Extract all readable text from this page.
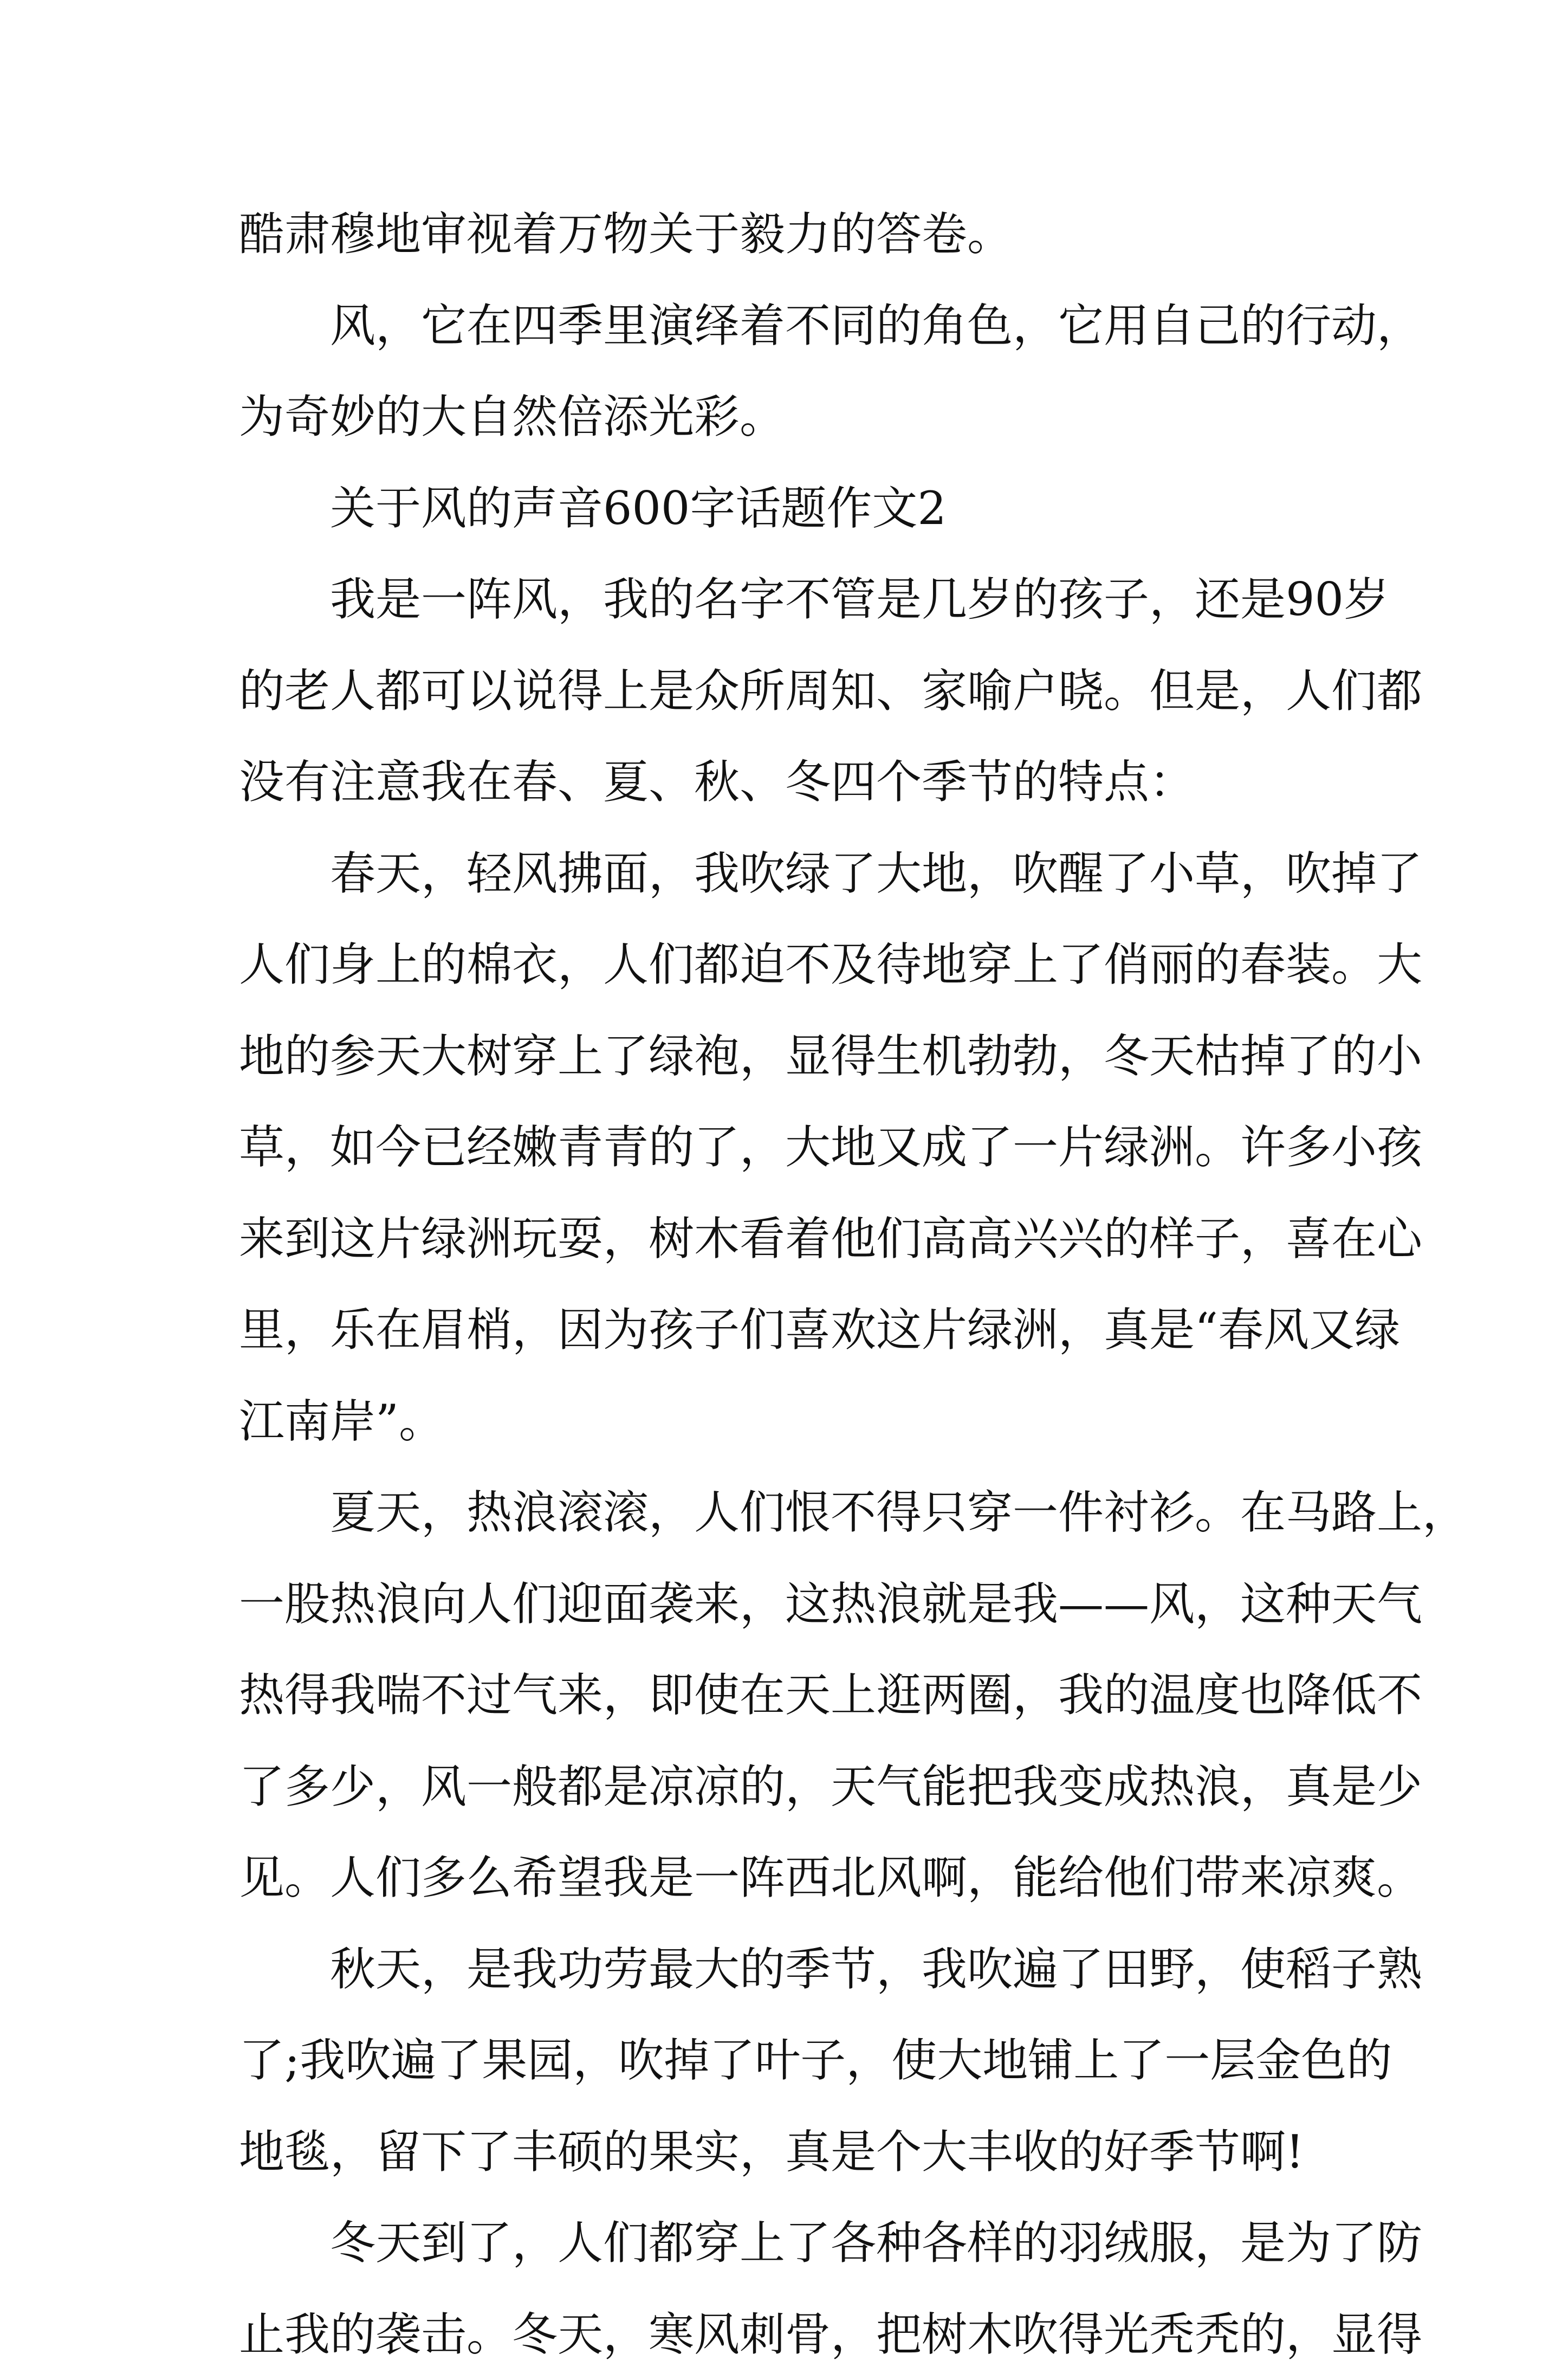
酷肃穆地审视着万物关于毅力的答卷。
风，它在四季里演绎着不同的角色，它用自己的行动，
为奇妙的大自然倍添光彩。
关于风的声音600字话题作文2
我是一阵风，我的名字不管是几岁的孩子，还是90岁
的老人都可以说得上是众所周知、家喻户晓。但是，人们都
没有注意我在春、夏、秋、冬四个季节的特点：
春天，轻风拂面，我吹绿了大地，吹醒了小草，吹掉了
人们身上的棉衣，人们都迫不及待地穿上了俏丽的春装。大
地的参天大树穿上了绿袍，显得生机勃勃，冬天枯掉了的小
草，如今已经嫩青青的了，大地又成了一片绿洲。许多小孩
来到这片绿洲玩耍，树木看着他们高高兴兴的样子，喜在心
里，乐在眉梢，因为孩子们喜欢这片绿洲，真是“春风又绿
江南岸”。
夏天，热浪滚滚，人们恨不得只穿一件衬衫。在马路上，
一股热浪向人们迎面袭来，这热浪就是我——风，这种天气
热得我喘不过气来，即使在天上逛两圈，我的温度也降低不
了多少，风一般都是凉凉的，天气能把我变成热浪，真是少
见。人们多么希望我是一阵西北风啊，能给他们带来凉爽。
秋天，是我功劳最大的季节，我吹遍了田野，使稻子熟
了;我吹遍了果园，吹掉了叶子，使大地铺上了一层金色的
地毯，留下了丰硕的果实，真是个大丰收的好季节啊!
冬天到了，人们都穿上了各种各样的羽绒服，是为了防
止我的袭击。冬天，寒风刺骨，把树木吹得光秃秃的，显得
